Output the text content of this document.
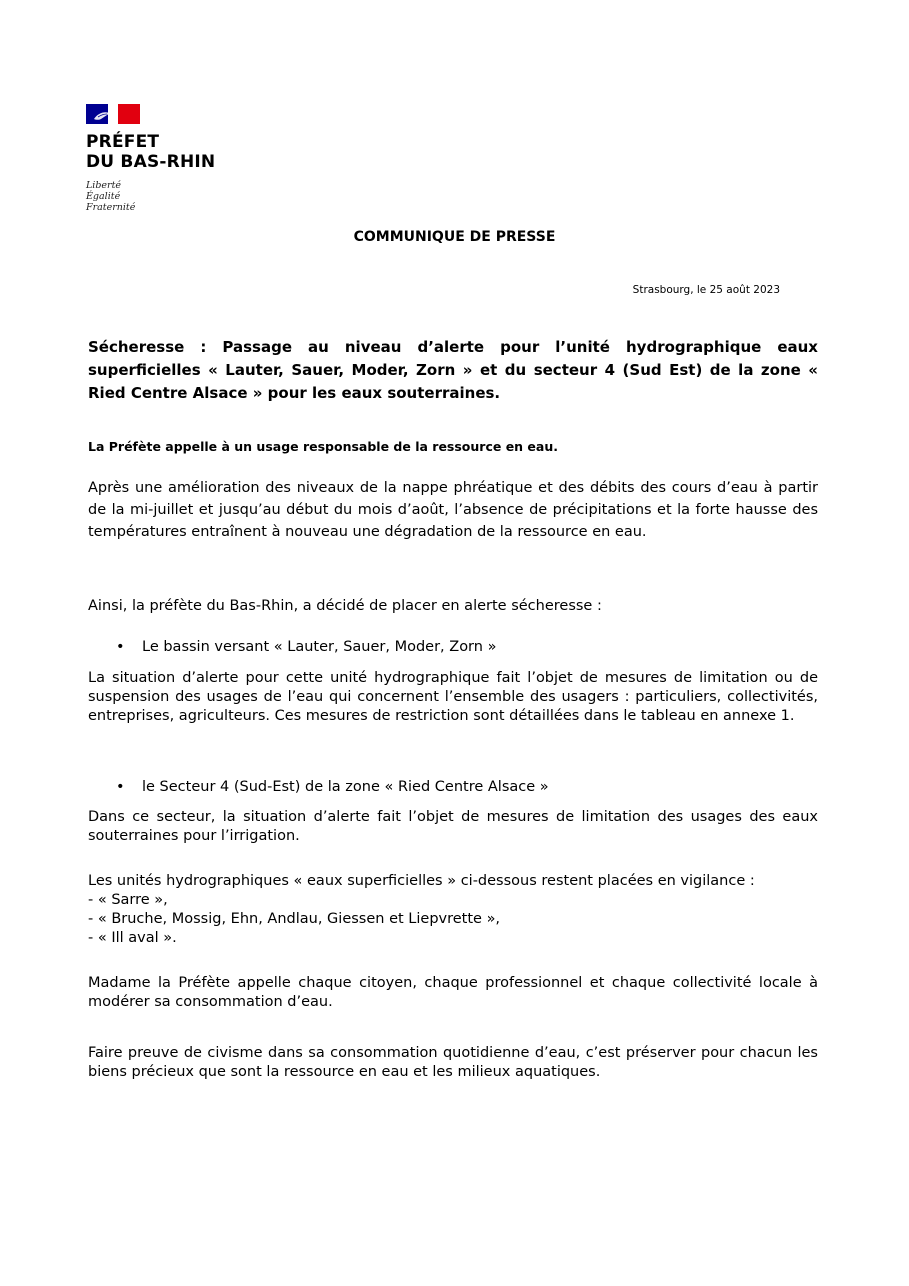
PRÉFET
DU BAS-RHIN
Liberté
Égalité
Fraternité
COMMUNIQUE DE PRESSE
Strasbourg, le 25 août 2023
Sécheresse : Passage au niveau d’alerte pour l’unité hydrographique eaux superficielles « Lauter, Sauer, Moder, Zorn » et du secteur 4 (Sud Est) de la zone « Ried Centre Alsace » pour les eaux souterraines.
La Préfète appelle à un usage responsable de la ressource en eau.
Après une amélioration des niveaux de la nappe phréatique et des débits des cours d’eau à partir de la mi-juillet et jusqu’au début du mois d’août, l’absence de précipitations et la forte hausse des températures entraînent à nouveau une dégradation de la ressource en eau.
Ainsi, la préfète du Bas-Rhin, a décidé de placer en alerte sécheresse :
• Le bassin versant « Lauter, Sauer, Moder, Zorn »
La situation d’alerte pour cette unité hydrographique fait l’objet de mesures de limitation ou de suspension des usages de l’eau qui concernent l’ensemble des usagers : particuliers, collectivités, entreprises, agriculteurs. Ces mesures de restriction sont détaillées dans le tableau en annexe 1.
• le Secteur 4 (Sud-Est) de la zone « Ried Centre Alsace »
Dans ce secteur, la situation d’alerte fait l’objet de mesures de limitation des usages des eaux souterraines pour l’irrigation.
Les unités hydrographiques « eaux superficielles » ci-dessous restent placées en vigilance :
- « Sarre »,
- « Bruche, Mossig, Ehn, Andlau, Giessen et Liepvrette »,
- « Ill aval ».
Madame la Préfète appelle chaque citoyen, chaque professionnel et chaque collectivité locale à modérer sa consommation d’eau.
Faire preuve de civisme dans sa consommation quotidienne d’eau, c’est préserver pour chacun les biens précieux que sont la ressource en eau et les milieux aquatiques.
